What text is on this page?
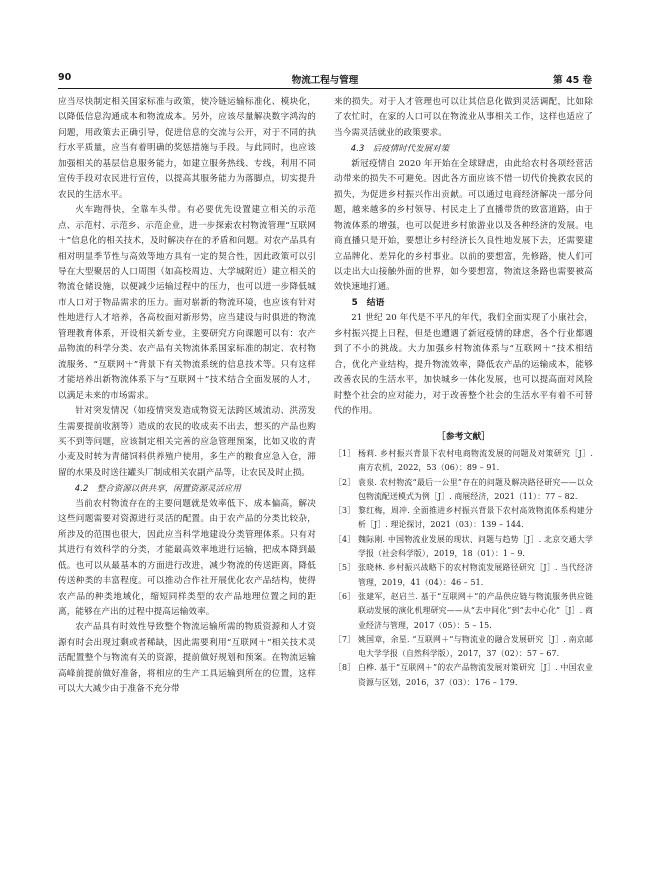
90	物流工程与管理	第 45 卷

应当尽快制定相关国家标准与政策，使冷链运输标准化、模块化，以降低信息沟通成本和物流成本。另外，应该尽量解决数字鸿沟的问题，用政策去正确引导，促进信息的交流与公开，对于不同的执行水平质量，应当有着明确的奖惩措施与手段。与此同时，也应该加强相关的基层信息服务能力，如建立服务热线、专线，利用不同宣传手段对农民进行宣传，以提高其服务能力为落脚点，切实提升农民的生活水平。

火车跑得快，全靠车头带。有必要优先设置建立相关的示范点、示范村、示范乡、示范企业，进一步探索农村物流管理“互联网＋”信息化的相关技术，及时解决存在的矛盾和问题。对农产品具有相对明显季节性与高效等地方具有一定的契合性，因此政策可以引导在大型聚居的人口周围（如高校周边、大学城附近）建立相关的物流仓储设施，以便减少运输过程中的压力，也可以进一步降低城市人口对于物品需求的压力。面对崭新的物流环境，也应该有针对性地进行人才培养，各高校面对新形势，应当建设与时俱进的物流管理教育体系，开设相关新专业，主要研究方向课题可以有：农产品物流的科学分类、农产品有关物流体系国家标准的制定、农村物流服务、“互联网＋”背景下有关物流系统的信息技术等。只有这样才能培养出新物流体系下与“互联网＋”技术结合全面发展的人才，以满足未来的市场需求。

针对突发情况（如疫情突发造成物资无法跨区域流动、洪涝发生需要提前收割等）造成的农民的收成卖不出去，想买的产品也购买不到等问题，应该制定相关完善的应急管理预案，比如又收的青小麦及时转为青储饲料供养殖户使用，多生产的粮食应急入仓，滞留的水果及时送往罐头厂制成相关农副产品等，让农民及时止损。

4.2　整合资源以供共享，闲置资源灵活应用

当前农村物流存在的主要问题就是效率低下、成本偏高，解决这些问题需要对资源进行灵活的配置。由于农产品的分类比较杂，所涉及的范围也很大，因此应当科学地建设分类管理体系。只有对其进行有效科学的分类，才能最高效率地进行运输，把成本降到最低。也可以从最基本的方面进行改进，减少物流的传送距离，降低传送种类的丰富程度。可以推动合作社开展优化农产品结构，使得农产品的种类地域化，缩短同样类型的农产品地理位置之间的距离，能够在产出的过程中提高运输效率。

农产品具有时效性导致整个物流运输所需的物质资源和人才资源有时会出现过剩或者稀缺，因此需要利用“互联网＋”相关技术灵活配置整个与物流有关的资源，提前做好规划和预案。在物流运输高峰前提前做好准备，将相应的生产工具运输到所在的位置，这样可以大大减少由于准备不充分带

来的损失。对于人才管理也可以让其信息化做到灵活调配，比如除了农忙时，在家的人口可以在物流业从事相关工作，这样也适应了当今需灵活就业的政策要求。

4.3　后疫情时代发展对策

新冠疫情自 2020 年开始在全球肆虐，由此给农村各项经营活动带来的损失不可避免。因此各方面应该不惜一切代价挽救农民的损失，为促进乡村振兴作出贡献。可以通过电商经济解决一部分问题，越来越多的乡村领导、村民走上了直播带货的致富道路，由于物流体系的增强，也可以促进乡村旅游业以及各种经济的发展。电商直播只是开始，要想让乡村经济长久良性地发展下去，还需要建立品牌化、差异化的乡村事业。以前的要想富，先修路，使人们可以走出大山接触外面的世界，如今要想富，物流这条路也需要被高效快速地打通。

5　结语

21 世纪 20 年代是不平凡的年代，我们全面实现了小康社会，乡村振兴提上日程，但是也遭遇了新冠疫情的肆虐，各个行业都遇到了不小的挑战。大力加强乡村物流体系与“互联网＋”技术相结合，优化产业结构，提升物流效率，降低农产品的运输成本，能够改善农民的生活水平，加快城乡一体化发展，也可以提高面对风险时整个社会的应对能力，对于改善整个社会的生活水平有着不可替代的作用。

［参考文献］
［1］ 杨莉. 乡村振兴背景下农村电商物流发展的问题及对策研究［J］. 南方农机，2022，53（06）：89 – 91.
［2］ 袁泉. 农村物流“最后一公里”存在的问题及解决路径研究——以众包物流配送模式为例［J］. 商展经济，2021（11）：77 – 82.
［3］ 黎红梅，周冲. 全面推进乡村振兴背景下农村高效物流体系构建分析［J］. 理论探讨，2021（03）：139 – 144.
［4］ 魏际刚. 中国物流业发展的现状、问题与趋势［J］. 北京交通大学学报（社会科学版），2019，18（01）：1 – 9.
［5］ 张晓林. 乡村振兴战略下的农村物流发展路径研究［J］. 当代经济管理，2019，41（04）：46 – 51.
［6］ 张建军，赵启兰. 基于“互联网＋”的产品供应链与物流服务供应链联动发展的演化机理研究——从“去中间化”到“去中心化”［J］. 商业经济与管理，2017（05）：5 – 15.
［7］ 姚国章，余星. “互联网＋”与物流业的融合发展研究［J］. 南京邮电大学学报（自然科学版），2017，37（02）：57 – 67.
［8］ 白桦. 基于“互联网＋”的农产品物流发展对策研究［J］. 中国农业资源与区划，2016，37（03）：176 – 179.
